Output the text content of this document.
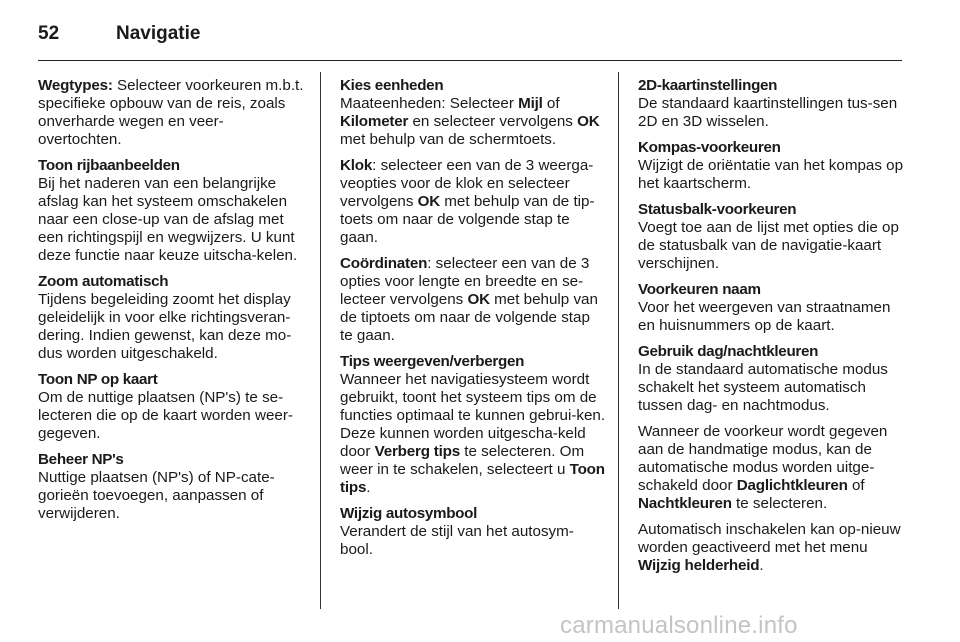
52	Navigatie

Wegtypes: Selecteer voorkeuren m.b.t. specifieke opbouw van de reis, zoals onverharde wegen en veer-overtochten.

Toon rijbaanbeelden

Bij het naderen van een belangrijke afslag kan het systeem omschakelen naar een close-up van de afslag met een richtingspijl en wegwijzers. U kunt deze functie naar keuze uitscha-kelen.

Zoom automatisch

Tijdens begeleiding zoomt het display geleidelijk in voor elke richtingsveran-dering. Indien gewenst, kan deze mo-dus worden uitgeschakeld.

Toon NP op kaart

Om de nuttige plaatsen (NP's) te se-lecteren die op de kaart worden weer-gegeven.

Beheer NP's

Nuttige plaatsen (NP's) of NP-cate-gorieën toevoegen, aanpassen of verwijderen.

Kies eenheden

Maateenheden: Selecteer Mijl of Kilometer en selecteer vervolgens OK met behulp van de schermtoets.

Klok: selecteer een van de 3 weerga-veopties voor de klok en selecteer vervolgens OK met behulp van de tip-toets om naar de volgende stap te gaan.

Coördinaten: selecteer een van de 3 opties voor lengte en breedte en se-lecteer vervolgens OK met behulp van de tiptoets om naar de volgende stap te gaan.

Tips weergeven/verbergen

Wanneer het navigatiesysteem wordt gebruikt, toont het systeem tips om de functies optimaal te kunnen gebrui-ken. Deze kunnen worden uitgescha-keld door Verberg tips te selecteren. Om weer in te schakelen, selecteert u Toon tips.

Wijzig autosymbool

Verandert de stijl van het autosym-bool.

2D-kaartinstellingen

De standaard kaartinstellingen tus-sen 2D en 3D wisselen.

Kompas-voorkeuren

Wijzigt de oriëntatie van het kompas op het kaartscherm.

Statusbalk-voorkeuren

Voegt toe aan de lijst met opties die op de statusbalk van de navigatie-kaart verschijnen.

Voorkeuren naam

Voor het weergeven van straatnamen en huisnummers op de kaart.

Gebruik dag/nachtkleuren

In de standaard automatische modus schakelt het systeem automatisch tussen dag- en nachtmodus.

Wanneer de voorkeur wordt gegeven aan de handmatige modus, kan de automatische modus worden uitge-schakeld door Daglichtkleuren of Nachtkleuren te selecteren.

Automatisch inschakelen kan op-nieuw worden geactiveerd met het menu Wijzig helderheid.

carmanualsonline.info
